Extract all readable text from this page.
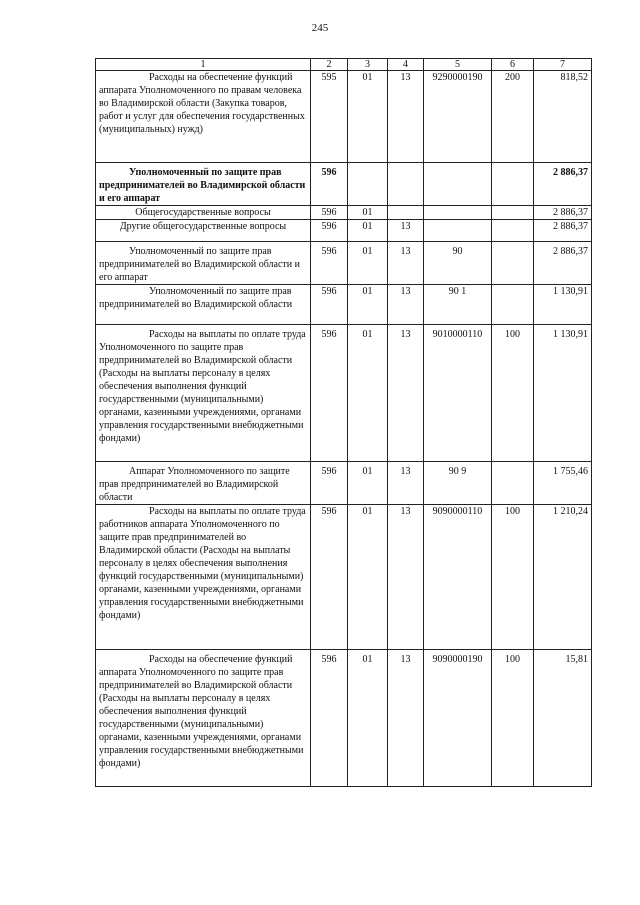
245
1	2	3	4	5	6	7
Расходы на обеспечение функций аппарата Уполномоченного по правам человека во Владимирской области (Закупка товаров, работ и услуг для обеспечения государственных (муниципальных) нужд)	595	01	13	9290000190	200	818,52
Уполномоченный по защите прав предпринимателей во Владимирской области и его аппарат	596					2 886,37
Общегосударственные вопросы	596	01				2 886,37
Другие общегосударственные вопросы	596	01	13			2 886,37
Уполномоченный по защите прав предпринимателей во Владимирской области и его аппарат	596	01	13	90		2 886,37
Уполномоченный по защите прав предпринимателей во Владимирской области	596	01	13	90 1		1 130,91
Расходы на выплаты по оплате труда Уполномоченного по защите прав предпринимателей во Владимирской области (Расходы на выплаты персоналу в целях обеспечения выполнения функций государственными (муниципальными) органами, казенными учреждениями, органами управления государственными внебюджетными фондами)	596	01	13	9010000110	100	1 130,91
Аппарат Уполномоченного по защите прав предпринимателей во Владимирской области	596	01	13	90 9		1 755,46
Расходы на выплаты по оплате труда работников аппарата Уполномоченного по защите прав предпринимателей во Владимирской области (Расходы на выплаты персоналу в целях обеспечения выполнения функций государственными (муниципальными) органами, казенными учреждениями, органами управления государственными внебюджетными фондами)	596	01	13	9090000110	100	1 210,24
Расходы на обеспечение функций аппарата Уполномоченного по защите прав предпринимателей во Владимирской области (Расходы на выплаты персоналу в целях обеспечения выполнения функций государственными (муниципальными) органами, казенными учреждениями, органами управления государственными внебюджетными фондами)	596	01	13	9090000190	100	15,81
